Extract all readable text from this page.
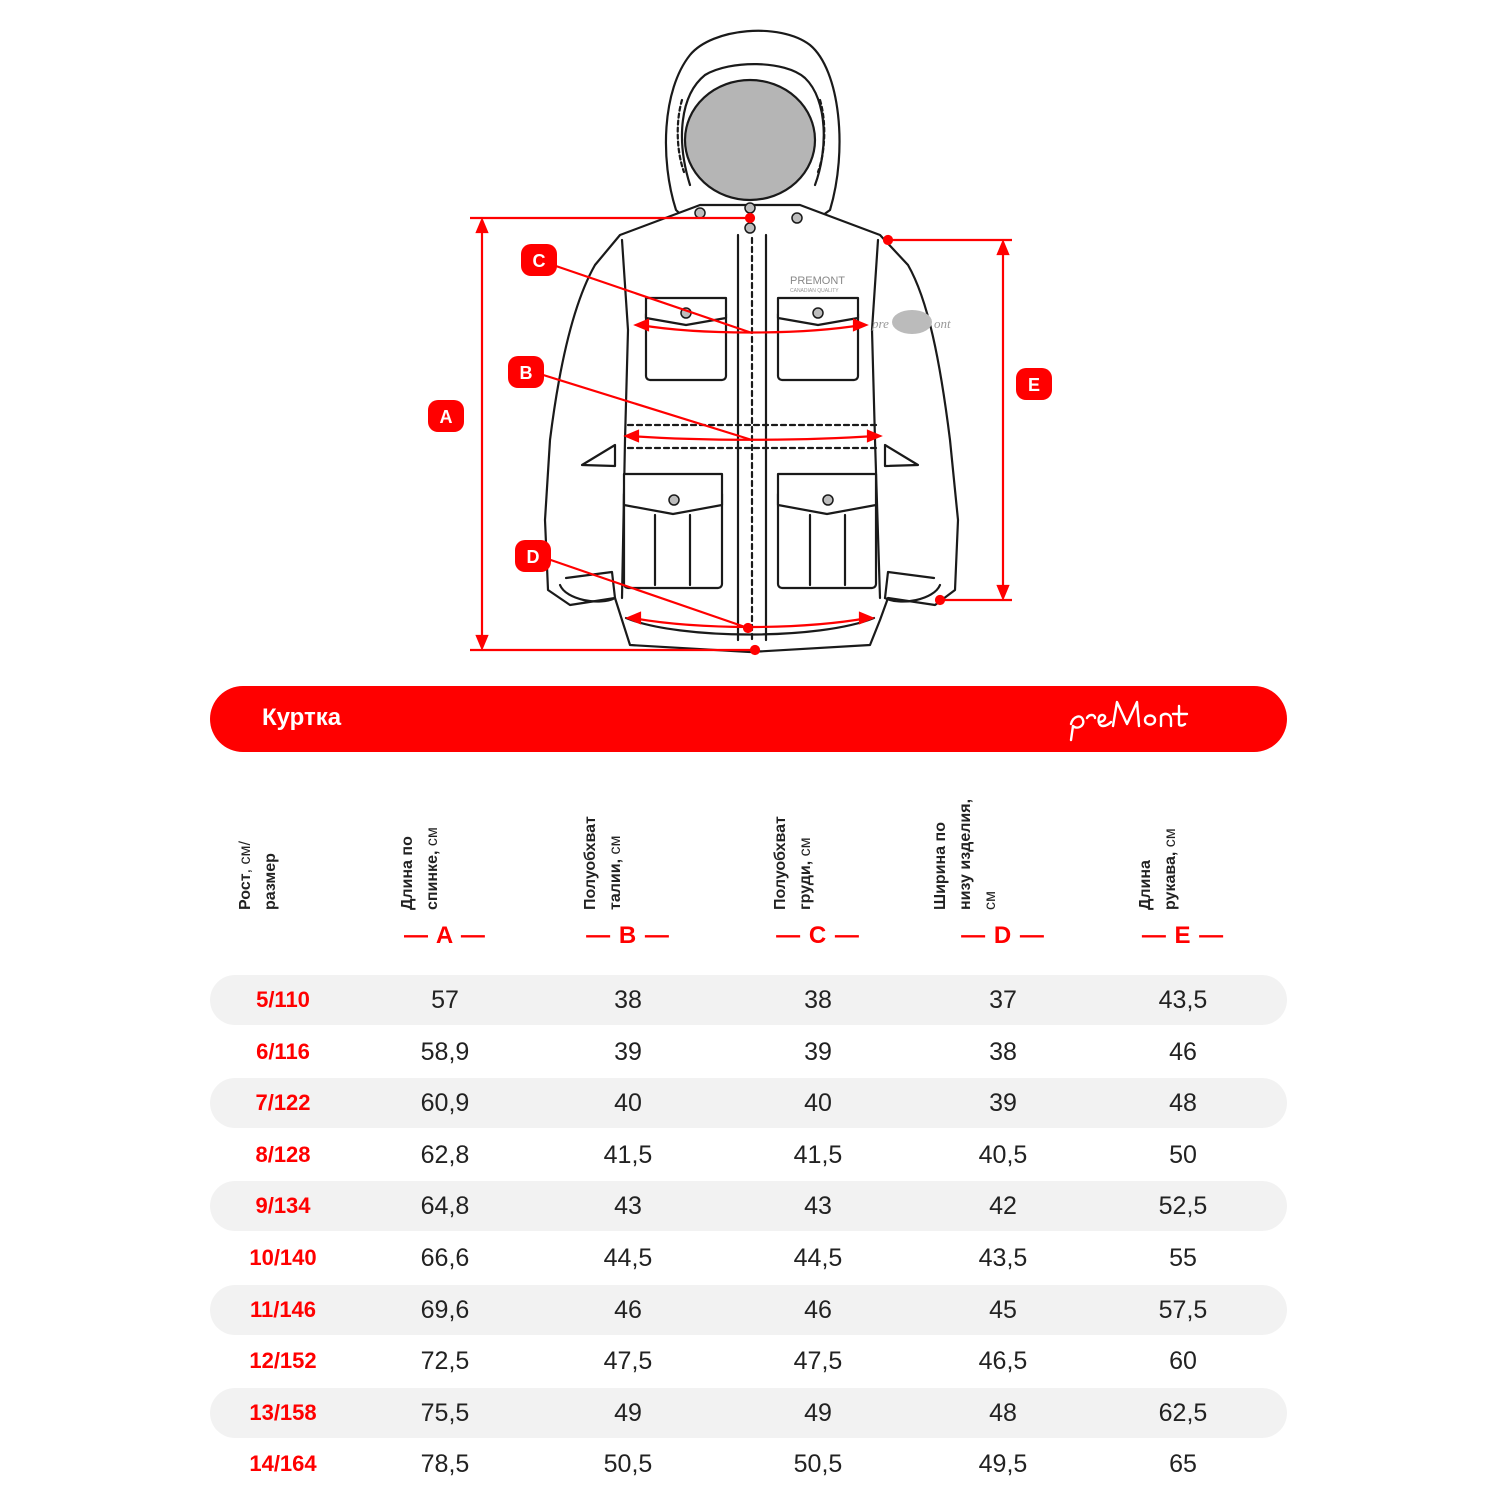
PREMONT
CANADIAN QUALITY
pre	ont
A
B
C
D
E
Куртка
Рост, см/ размер	Длина по спинке, см
— A —
Полуобхват талии, см
— B —
Полуобхват груди, см
— C —
Ширина по низу изделия, см
— D —
Длина рукава, см
— E —
5/110	57	38	38	37	43,5
6/116	58,9	39	39	38	46
7/122	60,9	40	40	39	48
8/128	62,8	41,5	41,5	40,5	50
9/134	64,8	43	43	42	52,5
10/140	66,6	44,5	44,5	43,5	55
11/146	69,6	46	46	45	57,5
12/152	72,5	47,5	47,5	46,5	60
13/158	75,5	49	49	48	62,5
14/164	78,5	50,5	50,5	49,5	65
